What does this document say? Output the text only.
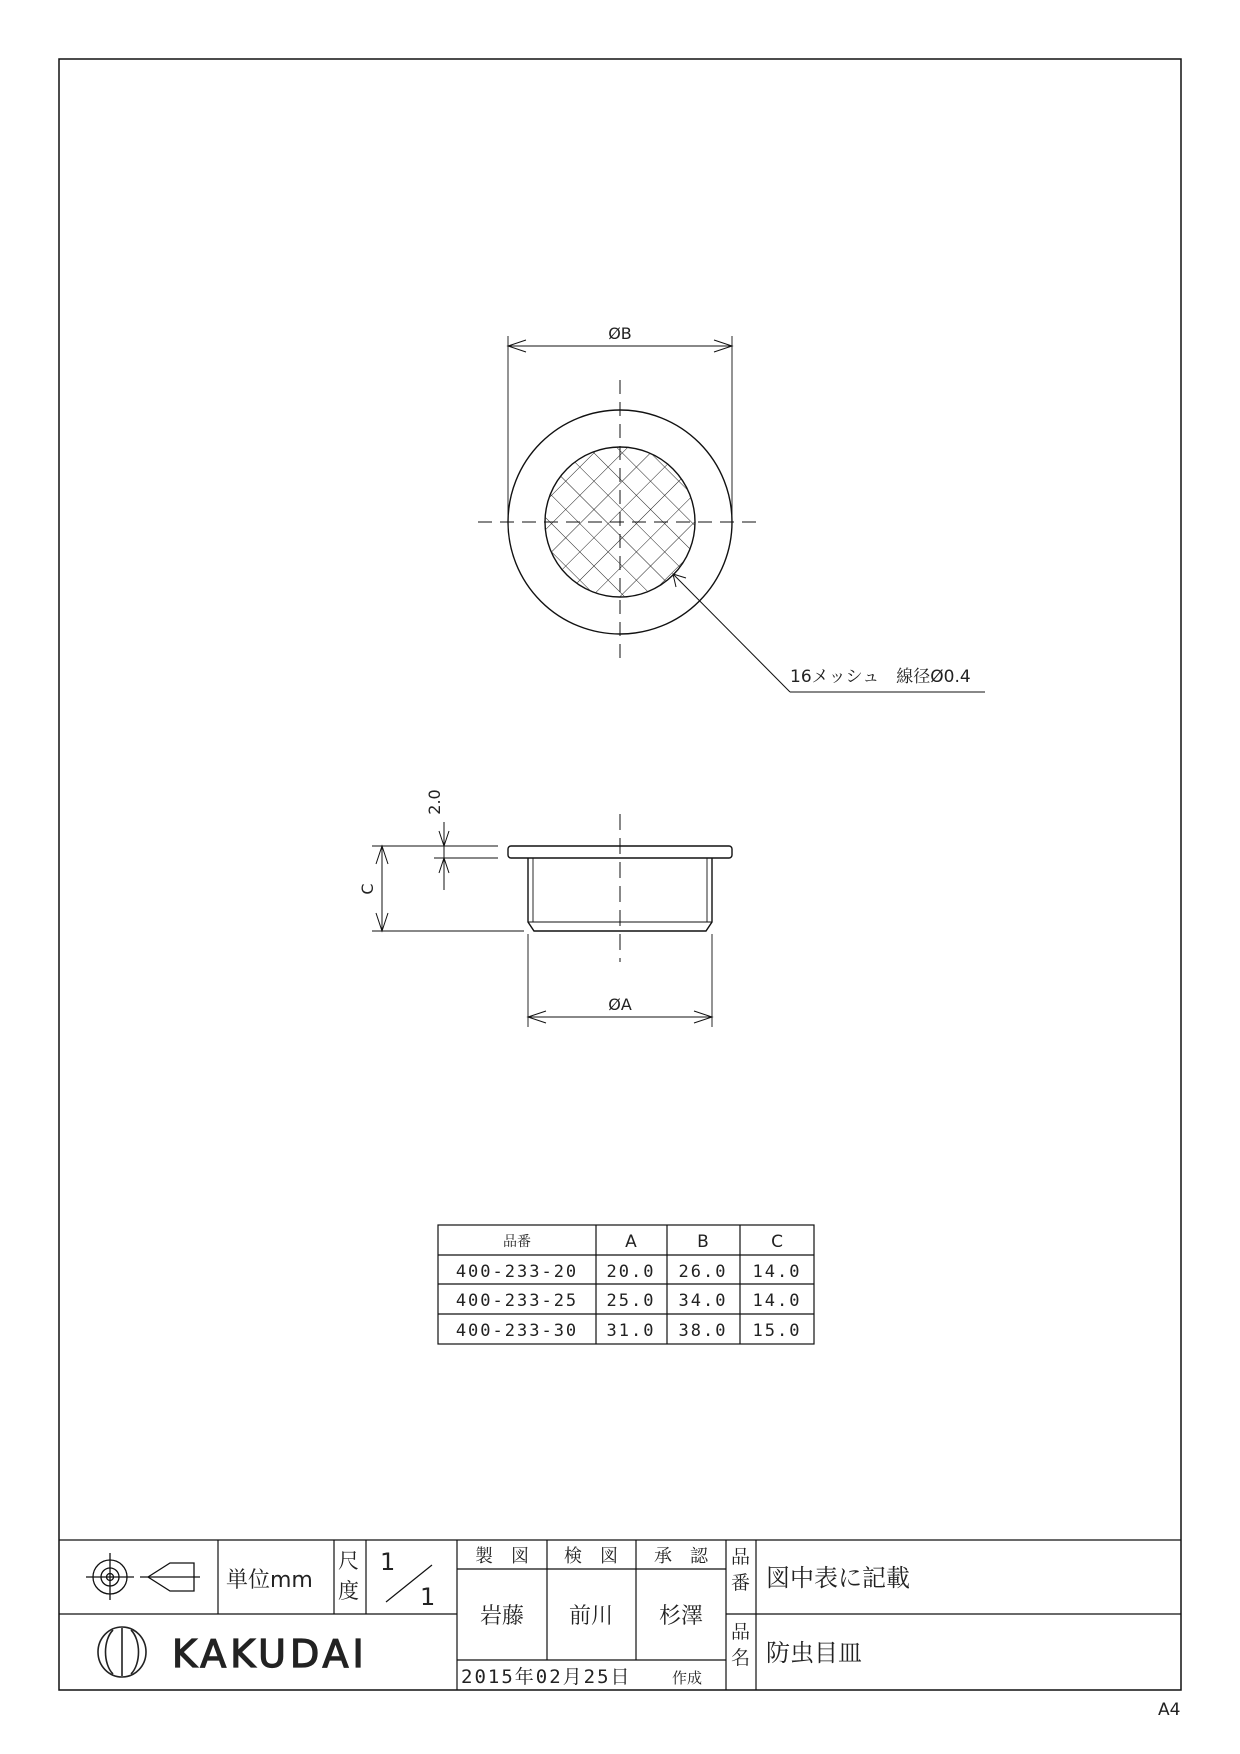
ØB
16メッシュ　線径Ø0.4
ØA
C
2.0
品番	A	B	C
400-233-20 20.0 26.0 14.0
400-233-25 25.0 34.0 14.0
400-233-30 31.0 38.0 15.0
KAKUDAI
単位mm
尺
度
1
1
製　図 検　図 承　認
岩藤 前川 杉澤
2015年02月25日	作成
品
番 図中表に記載
品
名 防虫目皿
A4
